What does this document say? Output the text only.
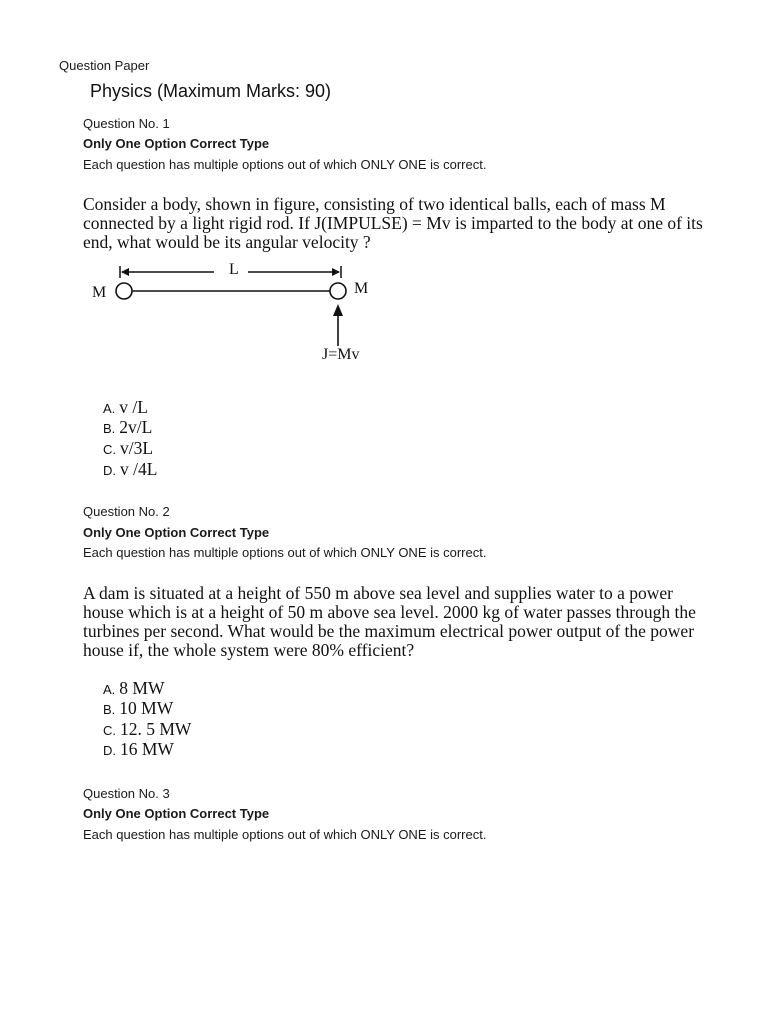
Question Paper
Physics (Maximum Marks: 90)
Question No. 1
Only One Option Correct Type
Each question has multiple options out of which ONLY ONE is correct.
Consider a body, shown in figure, consisting of two identical balls, each of mass M connected by a light rigid rod. If J(IMPULSE) = Mv is imparted to the body at one of its end, what would be its angular velocity ?
L
M	M
J=Mv
A. v /L
B. 2v/L
C. v/3L
D. v /4L
Question No. 2
Only One Option Correct Type
Each question has multiple options out of which ONLY ONE is correct.
A dam is situated at a height of 550 m above sea level and supplies water to a power house which is at a height of 50 m above sea level. 2000 kg of water passes through the turbines per second. What would be the maximum electrical power output of the power house if, the whole system were 80% efficient?
A. 8 MW
B. 10 MW
C. 12. 5 MW
D. 16 MW
Question No. 3
Only One Option Correct Type
Each question has multiple options out of which ONLY ONE is correct.
